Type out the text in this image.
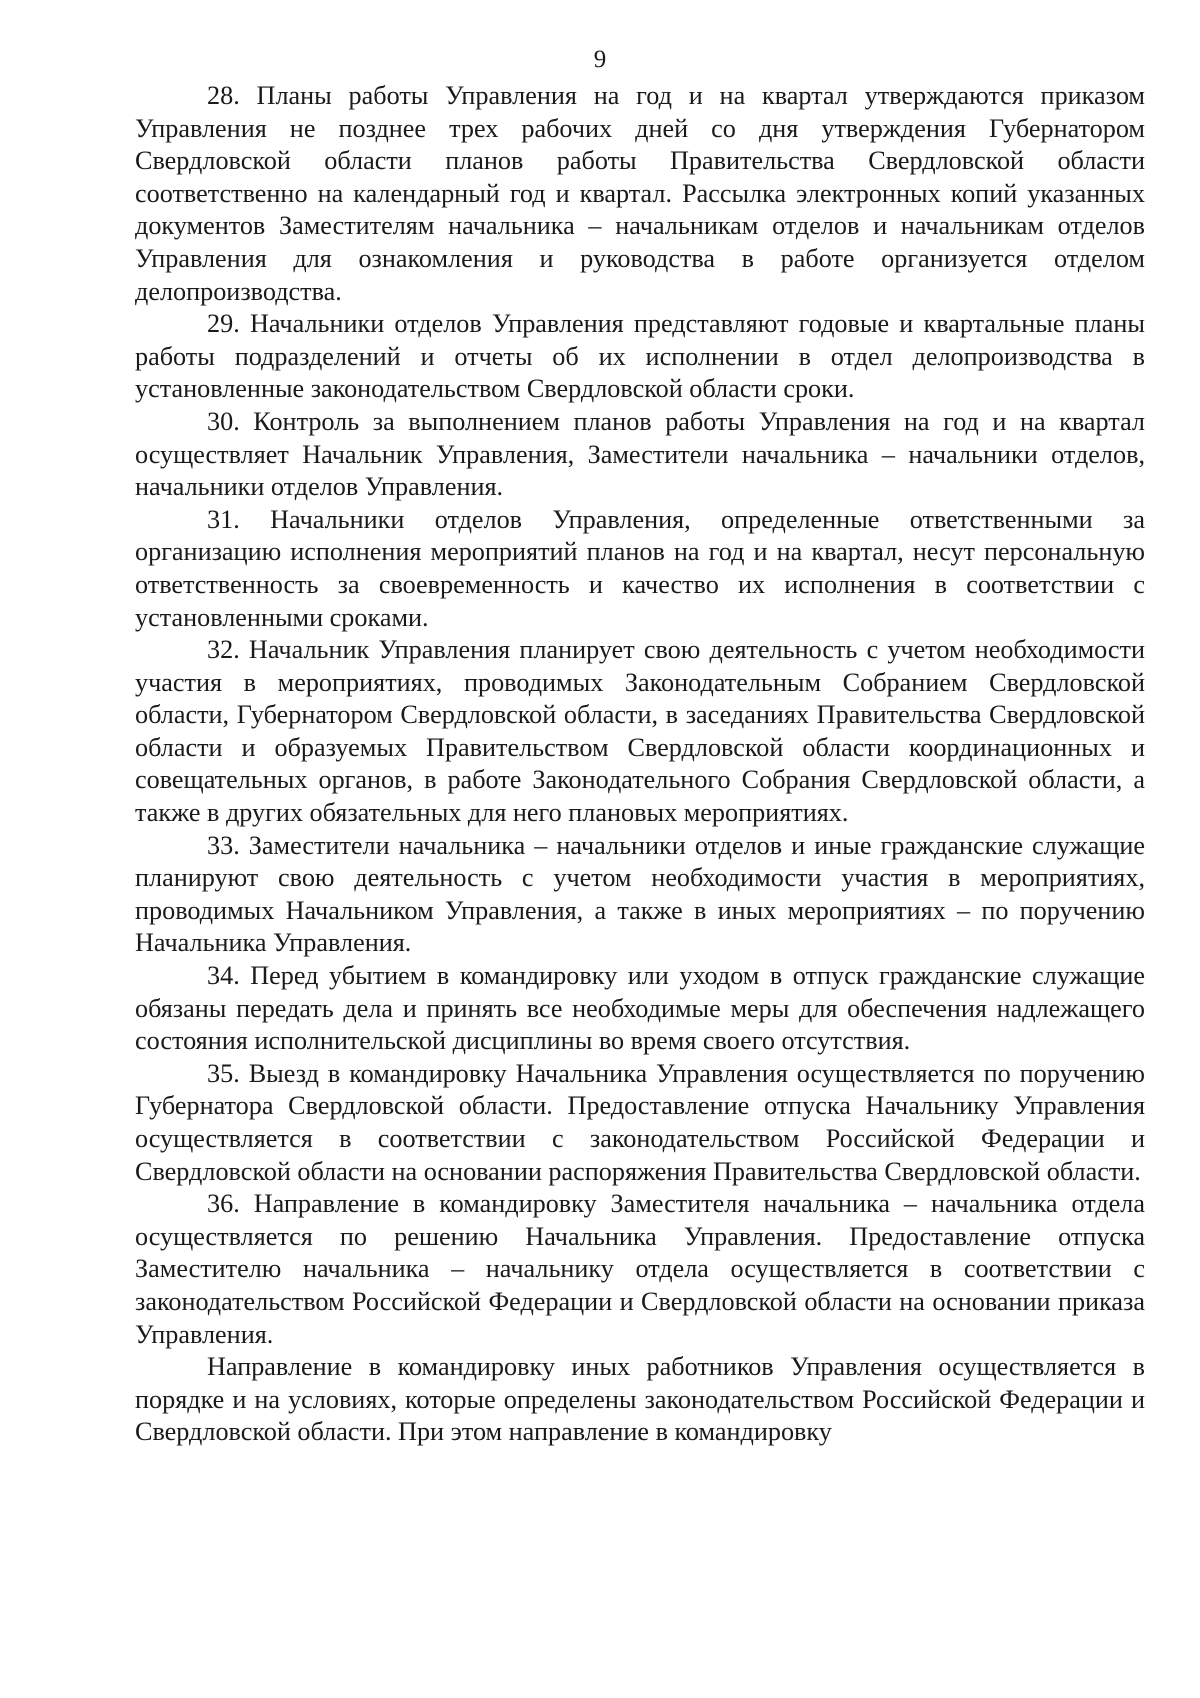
9

28. Планы работы Управления на год и на квартал утверждаются приказом Управления не позднее трех рабочих дней со дня утверждения Губернатором Свердловской области планов работы Правительства Свердловской области соответственно на календарный год и квартал. Рассылка электронных копий указанных документов Заместителям начальника – начальникам отделов и начальникам отделов Управления для ознакомления и руководства в работе организуется отделом делопроизводства.

29. Начальники отделов Управления представляют годовые и квартальные планы работы подразделений и отчеты об их исполнении в отдел делопроизводства в установленные законодательством Свердловской области сроки.

30. Контроль за выполнением планов работы Управления на год и на квартал осуществляет Начальник Управления, Заместители начальника – начальники отделов, начальники отделов Управления.

31. Начальники отделов Управления, определенные ответственными за организацию исполнения мероприятий планов на год и на квартал, несут персональную ответственность за своевременность и качество их исполнения в соответствии с установленными сроками.

32. Начальник Управления планирует свою деятельность с учетом необходимости участия в мероприятиях, проводимых Законодательным Собранием Свердловской области, Губернатором Свердловской области, в заседаниях Правительства Свердловской области и образуемых Правительством Свердловской области координационных и совещательных органов, в работе Законодательного Собрания Свердловской области, а также в других обязательных для него плановых мероприятиях.

33. Заместители начальника – начальники отделов и иные гражданские служащие планируют свою деятельность с учетом необходимости участия в мероприятиях, проводимых Начальником Управления, а также в иных мероприятиях – по поручению Начальника Управления.

34. Перед убытием в командировку или уходом в отпуск гражданские служащие обязаны передать дела и принять все необходимые меры для обеспечения надлежащего состояния исполнительской дисциплины во время своего отсутствия.

35. Выезд в командировку Начальника Управления осуществляется по поручению Губернатора Свердловской области. Предоставление отпуска Начальнику Управления осуществляется в соответствии с законодательством Российской Федерации и Свердловской области на основании распоряжения Правительства Свердловской области.

36. Направление в командировку Заместителя начальника – начальника отдела осуществляется по решению Начальника Управления. Предоставление отпуска Заместителю начальника – начальнику отдела осуществляется в соответствии с законодательством Российской Федерации и Свердловской области на основании приказа Управления.

Направление в командировку иных работников Управления осуществляется в порядке и на условиях, которые определены законодательством Российской Федерации и Свердловской области. При этом направление в командировку
